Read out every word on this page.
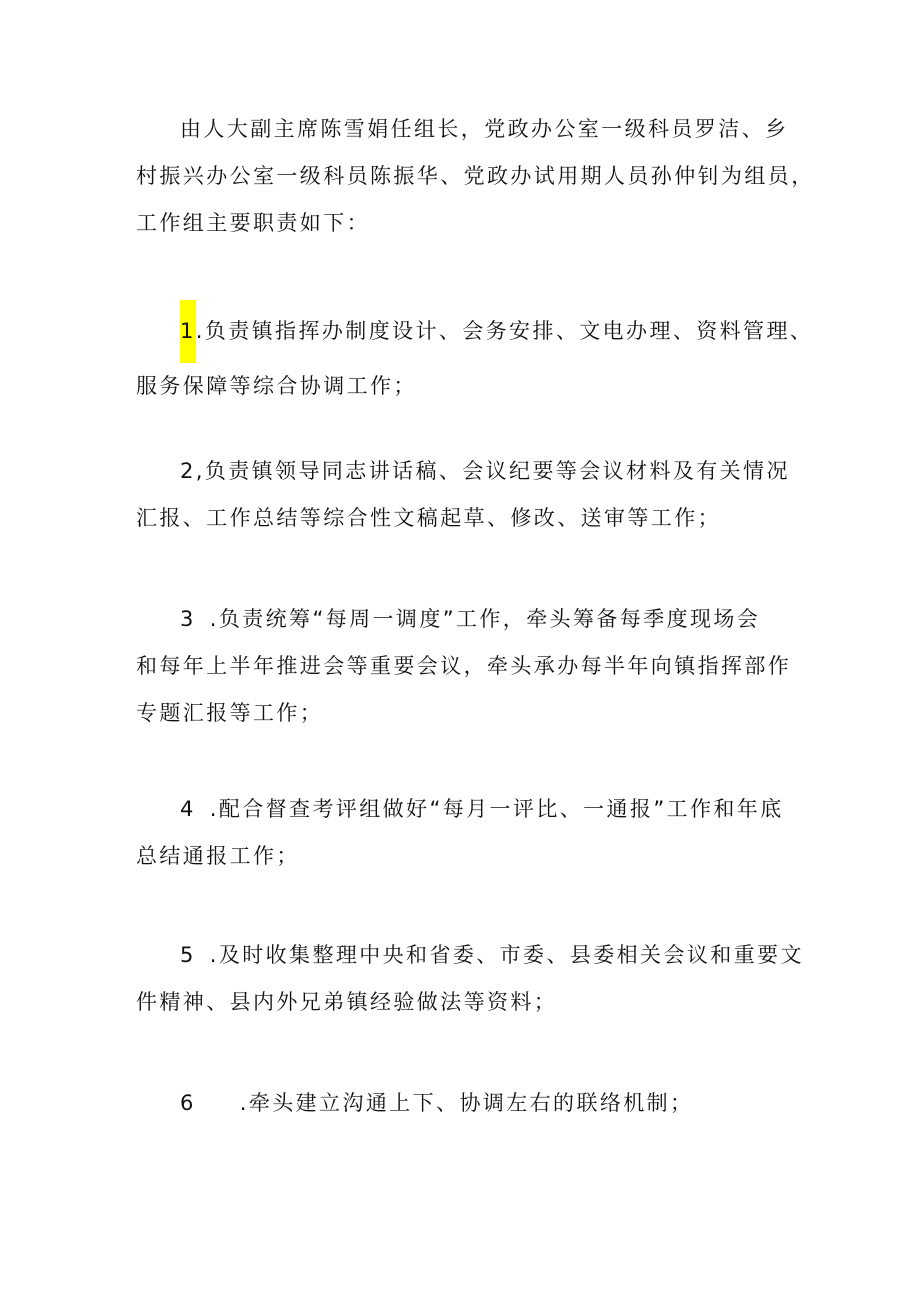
由人大副主席陈雪娟任组长，党政办公室一级科员罗洁、乡
村振兴办公室一级科员陈振华、党政办试用期人员孙仲钊为组员，
工作组主要职责如下：

1.负责镇指挥办制度设计、会务安排、文电办理、资料管理、
服务保障等综合协调工作；

2,负责镇领导同志讲话稿、会议纪要等会议材料及有关情况
汇报、工作总结等综合性文稿起草、修改、送审等工作；

3 .负责统筹“每周一调度”工作，牵头筹备每季度现场会
和每年上半年推进会等重要会议，牵头承办每半年向镇指挥部作
专题汇报等工作；

4 .配合督查考评组做好“每月一评比、一通报”工作和年底
总结通报工作；

5 .及时收集整理中央和省委、市委、县委相关会议和重要文
件精神、县内外兄弟镇经验做法等资料；

6 .牵头建立沟通上下、协调左右的联络机制；
